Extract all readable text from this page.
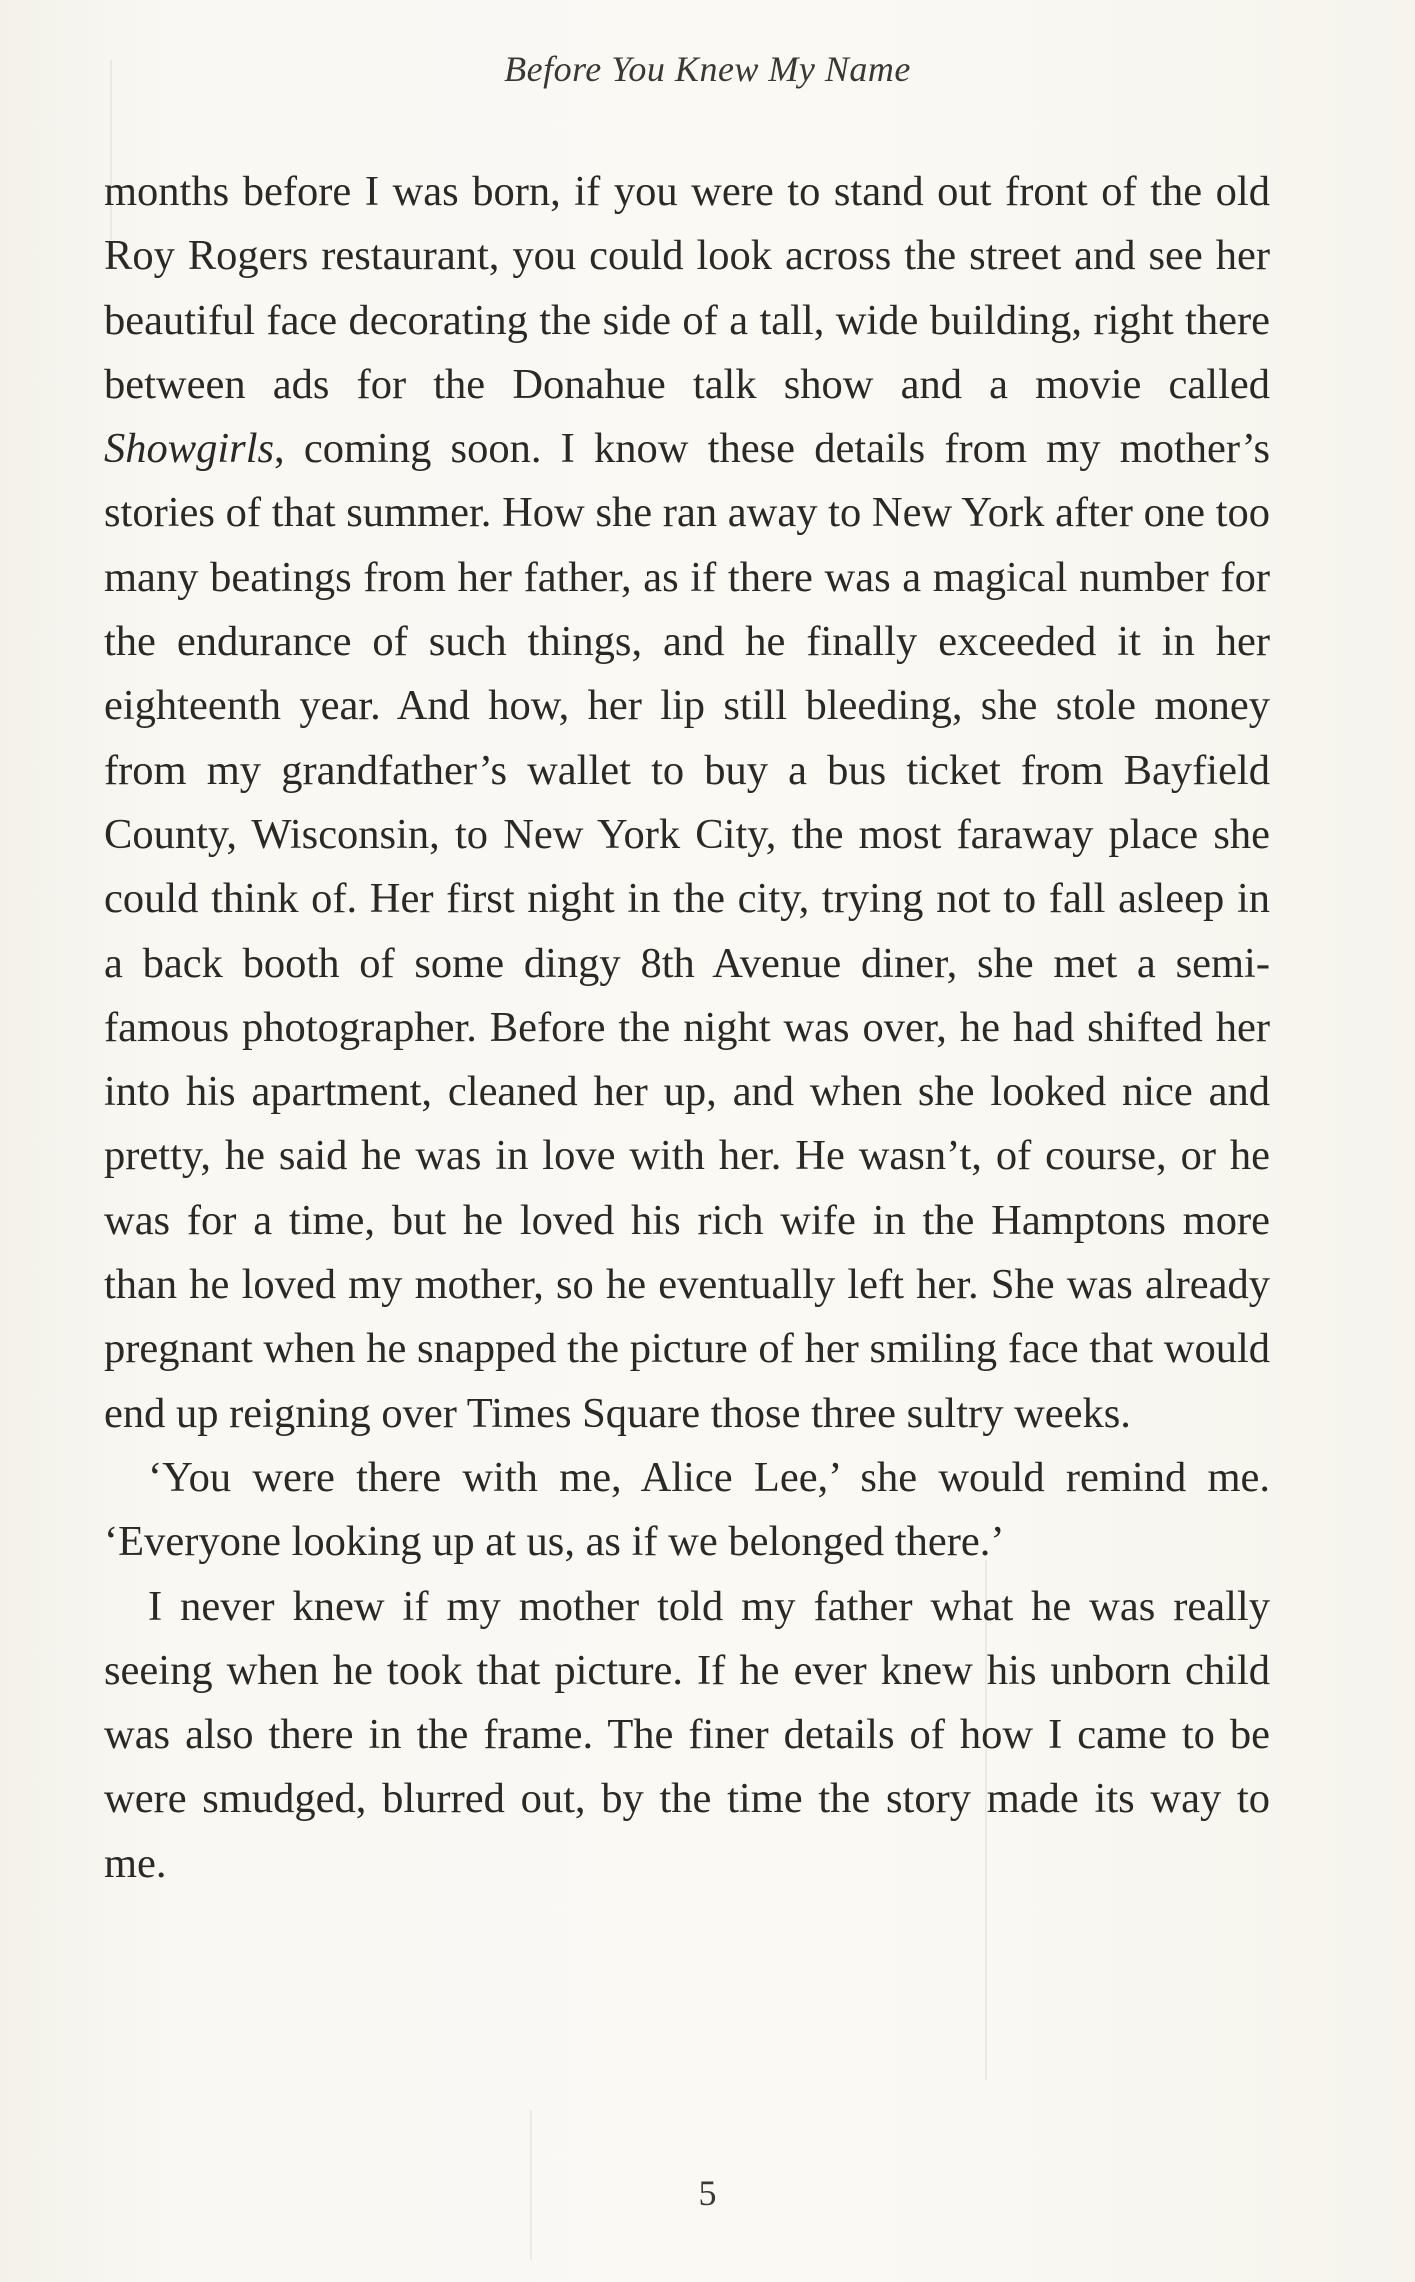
Before You Knew My Name

months before I was born, if you were to stand out front of the old Roy Rogers restaurant, you could look across the street and see her beautiful face decorating the side of a tall, wide building, right there between ads for the Donahue talk show and a movie called Showgirls, coming soon. I know these details from my mother’s stories of that summer. How she ran away to New York after one too many beatings from her father, as if there was a magical number for the endurance of such things, and he finally exceeded it in her eighteenth year. And how, her lip still bleeding, she stole money from my grandfather’s wallet to buy a bus ticket from Bayfield County, Wisconsin, to New York City, the most faraway place she could think of. Her first night in the city, trying not to fall asleep in a back booth of some dingy 8th Avenue diner, she met a semi-famous photographer. Before the night was over, he had shifted her into his apartment, cleaned her up, and when she looked nice and pretty, he said he was in love with her. He wasn’t, of course, or he was for a time, but he loved his rich wife in the Hamptons more than he loved my mother, so he eventually left her. She was already pregnant when he snapped the picture of her smiling face that would end up reigning over Times Square those three sultry weeks.

‘You were there with me, Alice Lee,’ she would remind me. ‘Everyone looking up at us, as if we belonged there.’

I never knew if my mother told my father what he was really seeing when he took that picture. If he ever knew his unborn child was also there in the frame. The finer details of how I came to be were smudged, blurred out, by the time the story made its way to me.

5
